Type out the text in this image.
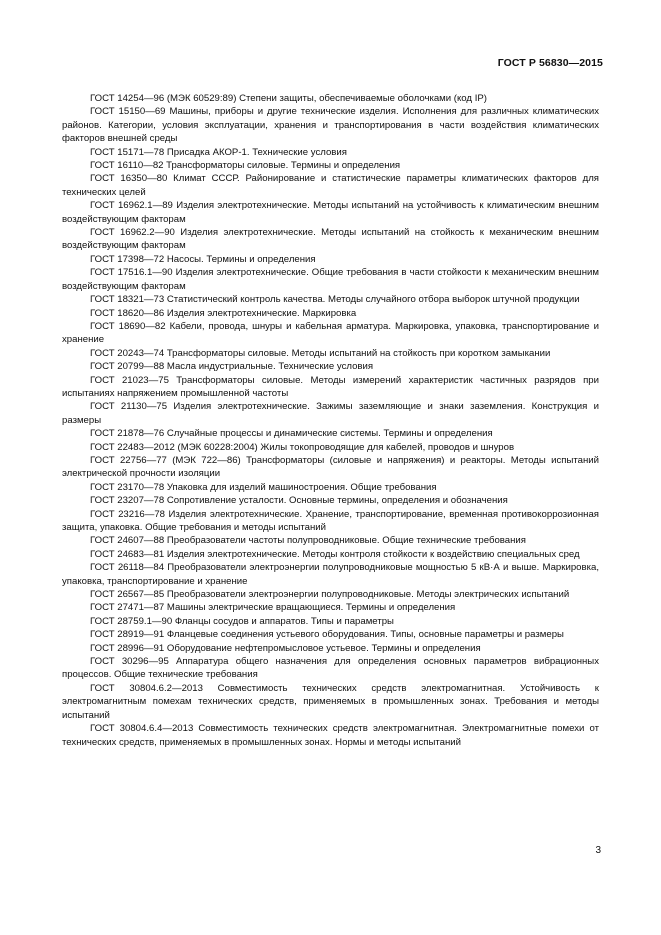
ГОСТ Р 56830—2015

ГОСТ 14254—96 (МЭК 60529:89) Степени защиты, обеспечиваемые оболочками (код IP)

ГОСТ 15150—69 Машины, приборы и другие технические изделия. Исполнения для различных климатических районов. Категории, условия эксплуатации, хранения и транспортирования в части воздействия климатических факторов внешней среды

ГОСТ 15171—78 Присадка АКОР-1. Технические условия

ГОСТ 16110—82 Трансформаторы силовые. Термины и определения

ГОСТ 16350—80 Климат СССР. Районирование и статистические параметры климатических факторов для технических целей

ГОСТ 16962.1—89 Изделия электротехнические. Методы испытаний на устойчивость к климатическим внешним воздействующим факторам

ГОСТ 16962.2—90 Изделия электротехнические. Методы испытаний на стойкость к механическим внешним воздействующим факторам

ГОСТ 17398—72 Насосы. Термины и определения

ГОСТ 17516.1—90 Изделия электротехнические. Общие требования в части стойкости к механическим внешним воздействующим факторам

ГОСТ 18321—73 Статистический контроль качества. Методы случайного отбора выборок штучной продукции

ГОСТ 18620—86 Изделия электротехнические. Маркировка

ГОСТ 18690—82 Кабели, провода, шнуры и кабельная арматура. Маркировка, упаковка, транспортирование и хранение

ГОСТ 20243—74 Трансформаторы силовые. Методы испытаний на стойкость при коротком замыкании

ГОСТ 20799—88 Масла индустриальные. Технические условия

ГОСТ 21023—75 Трансформаторы силовые. Методы измерений характеристик частичных разрядов при испытаниях напряжением промышленной частоты

ГОСТ 21130—75 Изделия электротехнические. Зажимы заземляющие и знаки заземления. Конструкция и размеры

ГОСТ 21878—76 Случайные процессы и динамические системы. Термины и определения

ГОСТ 22483—2012 (МЭК 60228:2004) Жилы токопроводящие для кабелей, проводов и шнуров

ГОСТ 22756—77 (МЭК 722—86) Трансформаторы (силовые и напряжения) и реакторы. Методы испытаний электрической прочности изоляции

ГОСТ 23170—78 Упаковка для изделий машиностроения. Общие требования

ГОСТ 23207—78 Сопротивление усталости. Основные термины, определения и обозначения

ГОСТ 23216—78 Изделия электротехнические. Хранение, транспортирование, временная противокоррозионная защита, упаковка. Общие требования и методы испытаний

ГОСТ 24607—88 Преобразователи частоты полупроводниковые. Общие технические требования

ГОСТ 24683—81 Изделия электротехнические. Методы контроля стойкости к воздействию специальных сред

ГОСТ 26118—84 Преобразователи электроэнергии полупроводниковые мощностью 5 кВ·А и выше. Маркировка, упаковка, транспортирование и хранение

ГОСТ 26567—85 Преобразователи электроэнергии полупроводниковые. Методы электрических испытаний

ГОСТ 27471—87 Машины электрические вращающиеся. Термины и определения

ГОСТ 28759.1—90 Фланцы сосудов и аппаратов. Типы и параметры

ГОСТ 28919—91 Фланцевые соединения устьевого оборудования. Типы, основные параметры и размеры

ГОСТ 28996—91 Оборудование нефтепромысловое устьевое. Термины и определения

ГОСТ 30296—95 Аппаратура общего назначения для определения основных параметров вибрационных процессов. Общие технические требования

ГОСТ 30804.6.2—2013 Совместимость технических средств электромагнитная. Устойчивость к электромагнитным помехам технических средств, применяемых в промышленных зонах. Требования и методы испытаний

ГОСТ 30804.6.4—2013 Совместимость технических средств электромагнитная. Электромагнитные помехи от технических средств, применяемых в промышленных зонах. Нормы и методы испытаний

3
